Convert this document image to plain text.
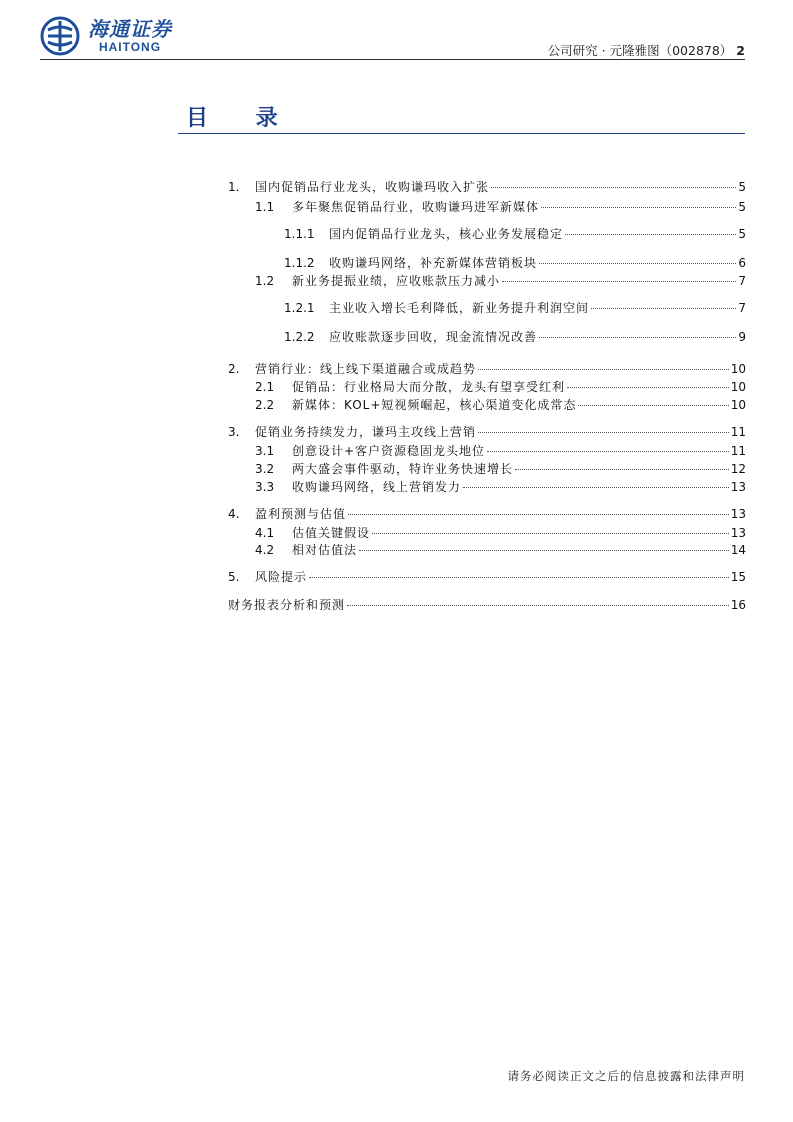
海通证券
HAITONG	公司研究 · 元隆雅图（002878） 2
目 录
1.	国内促销品行业龙头，收购谦玛收入扩张	5
1.1	多年聚焦促销品行业，收购谦玛进军新媒体	5
1.1.1	国内促销品行业龙头，核心业务发展稳定	5
1.1.2	收购谦玛网络，补充新媒体营销板块	6
1.2	新业务提振业绩，应收账款压力减小	7
1.2.1	主业收入增长毛利降低，新业务提升利润空间	7
1.2.2	应收账款逐步回收，现金流情况改善	9
2.	营销行业：线上线下渠道融合或成趋势	10
2.1	促销品：行业格局大而分散，龙头有望享受红利	10
2.2	新媒体：KOL+短视频崛起，核心渠道变化成常态	10
3.	促销业务持续发力，谦玛主攻线上营销	11
3.1	创意设计+客户资源稳固龙头地位	11
3.2	两大盛会事件驱动，特许业务快速增长	12
3.3	收购谦玛网络，线上营销发力	13
4.	盈利预测与估值	13
4.1	估值关键假设	13
4.2	相对估值法	14
5.	风险提示	15
财务报表分析和预测	16
请务必阅读正文之后的信息披露和法律声明
